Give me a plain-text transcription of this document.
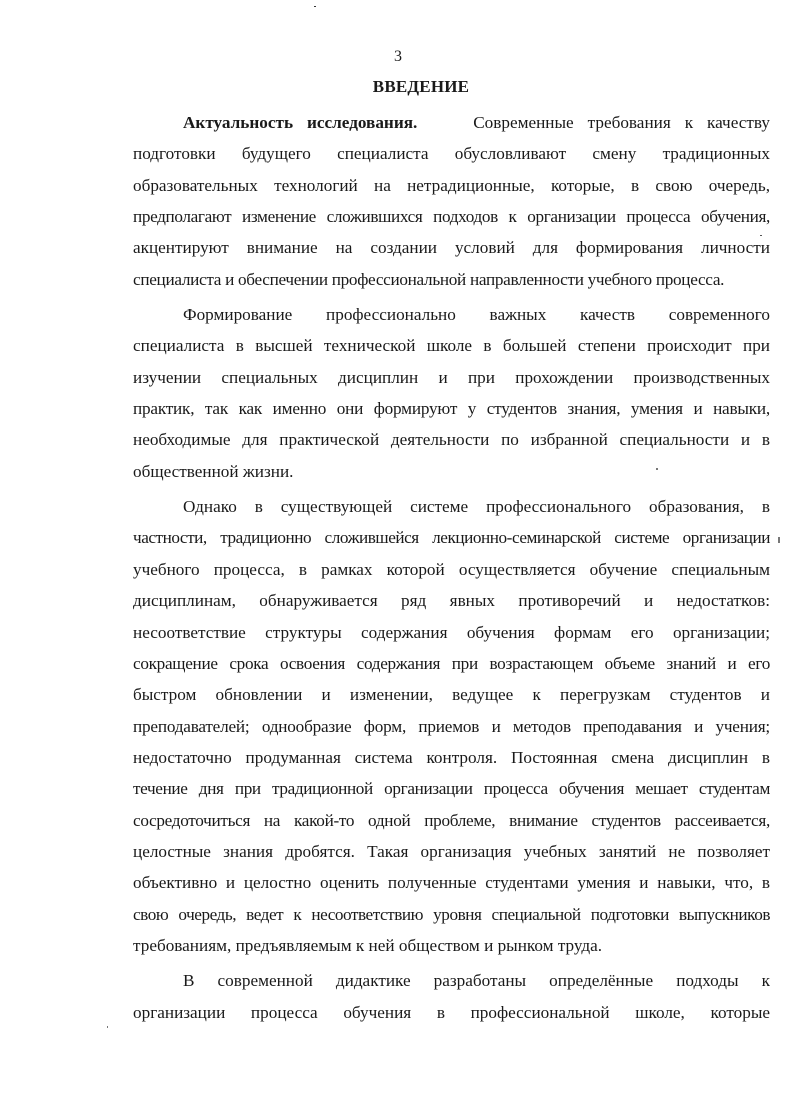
3
ВВЕДЕНИЕ

Актуальность исследования.	Современные требования к качеству
подготовки будущего специалиста обусловливают смену традиционных
образовательных технологий на нетрадиционные, которые, в свою очередь,
предполагают изменение сложившихся подходов к организации процесса обучения,
акцентируют внимание на создании условий для формирования личности
специалиста и обеспечении профессиональной направленности учебного процесса.

Формирование профессионально важных качеств современного
специалиста в высшей технической школе в большей степени происходит при
изучении специальных дисциплин и при прохождении производственных
практик, так как именно они формируют у студентов знания, умения и навыки,
необходимые для практической деятельности по избранной специальности и в
общественной жизни.

Однако в существующей системе профессионального образования, в
частности, традиционно сложившейся лекционно-семинарской системе организации
учебного процесса, в рамках которой осуществляется обучение специальным
дисциплинам, обнаруживается ряд явных противоречий и недостатков:
несоответствие структуры содержания обучения формам его организации;
сокращение срока освоения содержания при возрастающем объеме знаний и его
быстром обновлении и изменении, ведущее к перегрузкам студентов и
преподавателей; однообразие форм, приемов и методов преподавания и учения;
недостаточно продуманная система контроля. Постоянная смена дисциплин в
течение дня при традиционной организации процесса обучения мешает студентам
сосредоточиться на какой-то одной проблеме, внимание студентов рассеивается,
целостные знания дробятся. Такая организация учебных занятий не позволяет
объективно и целостно оценить полученные студентами умения и навыки, что, в
свою очередь, ведет к несоответствию уровня специальной подготовки выпускников
требованиям, предъявляемым к ней обществом и рынком труда.

В современной дидактике разработаны определённые подходы к
организации процесса обучения в профессиональной школе, которые
